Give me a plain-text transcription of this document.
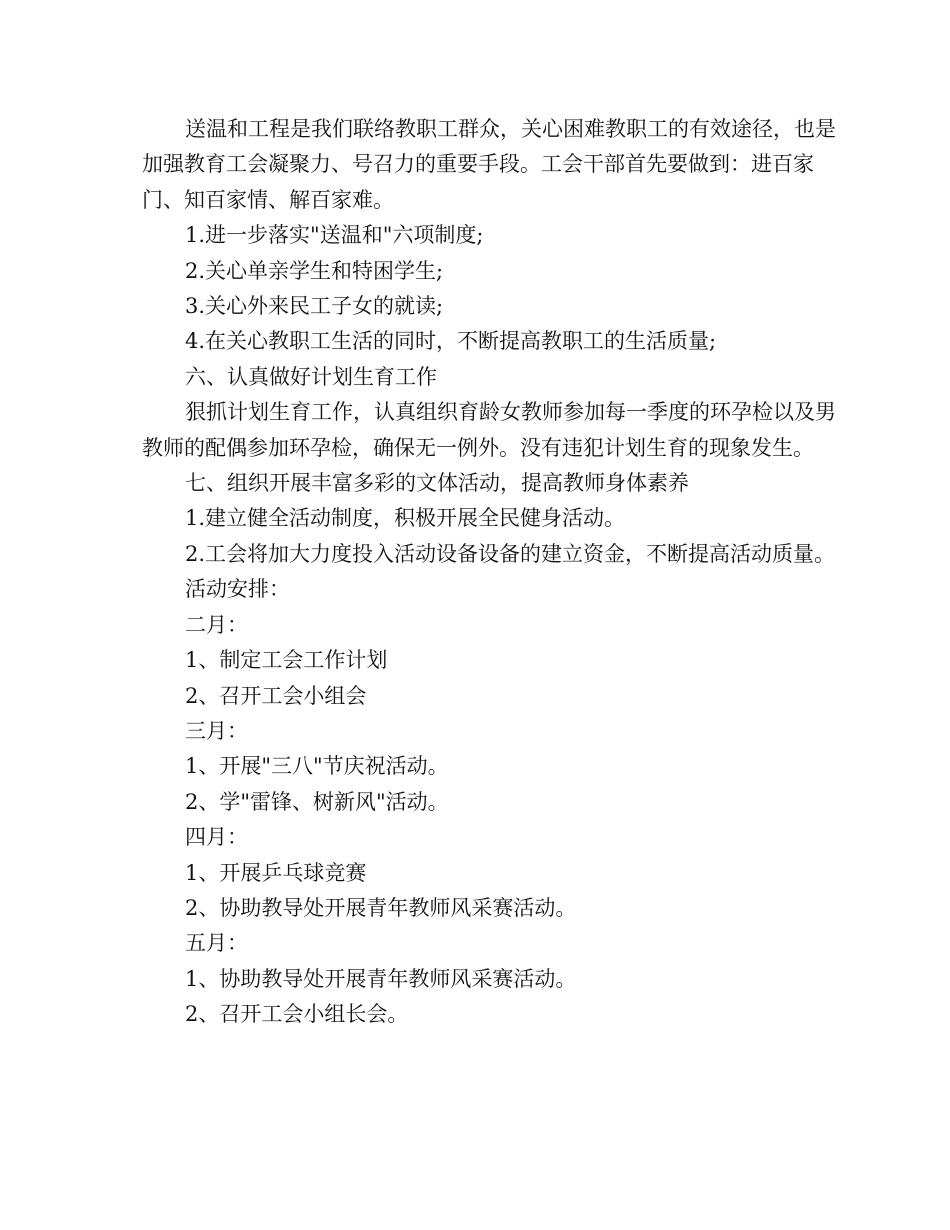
送温和工程是我们联络教职工群众，关心困难教职工的有效途径，也是加强教育工会凝聚力、号召力的重要手段。工会干部首先要做到：进百家门、知百家情、解百家难。

1.进一步落实"送温和"六项制度;

2.关心单亲学生和特困学生;

3.关心外来民工子女的就读;

4.在关心教职工生活的同时，不断提高教职工的生活质量;

六、认真做好计划生育工作

狠抓计划生育工作，认真组织育龄女教师参加每一季度的环孕检以及男教师的配偶参加环孕检，确保无一例外。没有违犯计划生育的现象发生。

七、组织开展丰富多彩的文体活动，提高教师身体素养

1.建立健全活动制度，积极开展全民健身活动。

2.工会将加大力度投入活动设备设备的建立资金，不断提高活动质量。

活动安排：

二月：

1、制定工会工作计划

2、召开工会小组会

三月：

1、开展"三八"节庆祝活动。

2、学"雷锋、树新风"活动。

四月：

1、开展乒乓球竞赛

2、协助教导处开展青年教师风采赛活动。

五月：

1、协助教导处开展青年教师风采赛活动。

2、召开工会小组长会。
